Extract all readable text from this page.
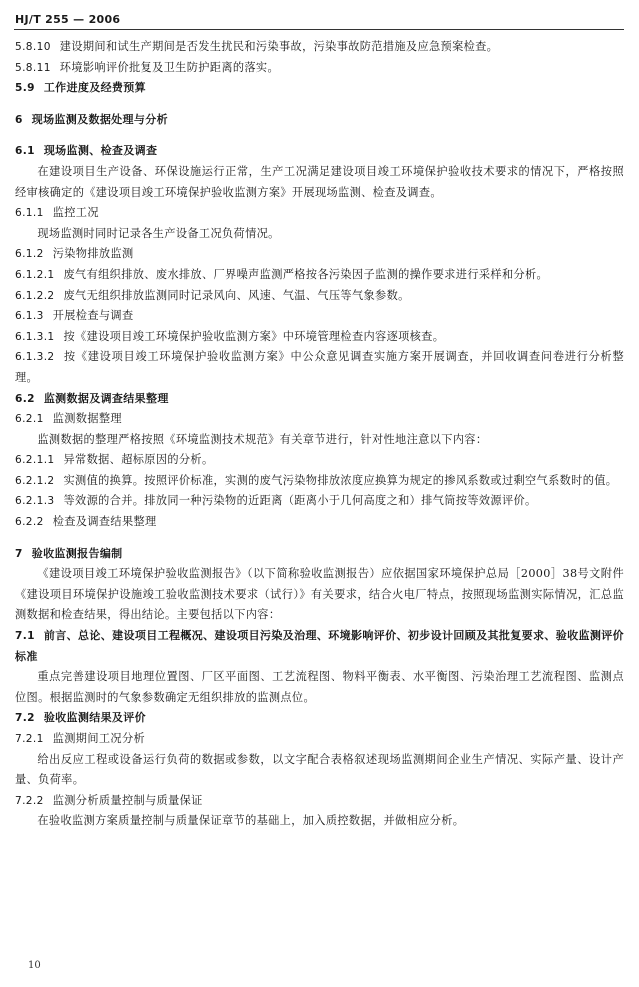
HJ/T 255 — 2006

5.8.10 建设期间和试生产期间是否发生扰民和污染事故，污染事故防范措施及应急预案检查。

5.8.11 环境影响评价批复及卫生防护距离的落实。

5.9 工作进度及经费预算

6 现场监测及数据处理与分析

6.1 现场监测、检查及调查

在建设项目生产设备、环保设施运行正常，生产工况满足建设项目竣工环境保护验收技术要求的情况下，严格按照经审核确定的《建设项目竣工环境保护验收监测方案》开展现场监测、检查及调查。

6.1.1 监控工况

现场监测时同时记录各生产设备工况负荷情况。

6.1.2 污染物排放监测

6.1.2.1 废气有组织排放、废水排放、厂界噪声监测严格按各污染因子监测的操作要求进行采样和分析。

6.1.2.2 废气无组织排放监测同时记录风向、风速、气温、气压等气象参数。

6.1.3 开展检查与调查

6.1.3.1 按《建设项目竣工环境保护验收监测方案》中环境管理检查内容逐项核查。

6.1.3.2 按《建设项目竣工环境保护验收监测方案》中公众意见调查实施方案开展调查，并回收调查问卷进行分析整理。

6.2 监测数据及调查结果整理

6.2.1 监测数据整理

监测数据的整理严格按照《环境监测技术规范》有关章节进行，针对性地注意以下内容：

6.2.1.1 异常数据、超标原因的分析。

6.2.1.2 实测值的换算。按照评价标准，实测的废气污染物排放浓度应换算为规定的掺风系数或过剩空气系数时的值。

6.2.1.3 等效源的合并。排放同一种污染物的近距离（距离小于几何高度之和）排气筒按等效源评价。

6.2.2 检查及调查结果整理

7 验收监测报告编制

《建设项目竣工环境保护验收监测报告》（以下简称验收监测报告）应依据国家环境保护总局［2000］38号文附件《建设项目环境保护设施竣工验收监测技术要求（试行）》有关要求，结合火电厂特点，按照现场监测实际情况，汇总监测数据和检查结果，得出结论。主要包括以下内容：

7.1 前言、总论、建设项目工程概况、建设项目污染及治理、环境影响评价、初步设计回顾及其批复要求、验收监测评价标准

重点完善建设项目地理位置图、厂区平面图、工艺流程图、物料平衡表、水平衡图、污染治理工艺流程图、监测点位图。根据监测时的气象参数确定无组织排放的监测点位。

7.2 验收监测结果及评价

7.2.1 监测期间工况分析

给出反应工程或设备运行负荷的数据或参数，以文字配合表格叙述现场监测期间企业生产情况、实际产量、设计产量、负荷率。

7.2.2 监测分析质量控制与质量保证

在验收监测方案质量控制与质量保证章节的基础上，加入质控数据，并做相应分析。

10
